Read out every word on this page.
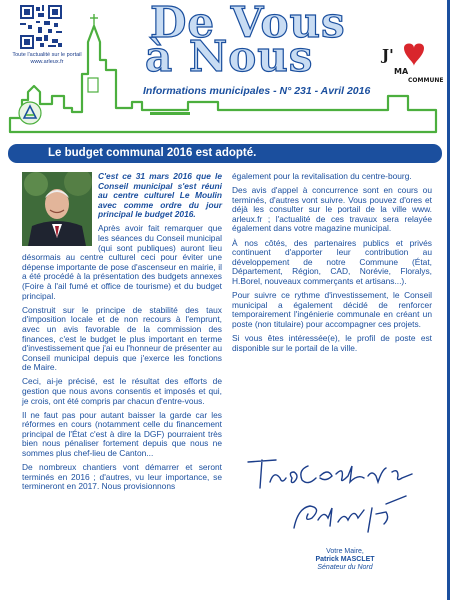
Toute l'actualité sur le portail www.arleux.fr
De Vous
à Nous	J'
MA
COMMUNE
Informations municipales - N° 231 - Avril 2016
Le budget communal 2016 est adopté.

C'est ce 31 mars 2016 que le Conseil municipal s'est réuni au centre culturel Le Moulin avec comme ordre du jour principal le budget 2016.

Après avoir fait remarquer que les séances du Conseil municipal (qui sont publiques) auront lieu désormais au centre culturel ceci pour éviter une dépense importante de pose d'ascenseur en mairie, il a été procédé à la présentation des budgets annexes (Foire à l'ail fumé et office de tourisme) et du budget principal.

Construit sur le principe de stabilité des taux d'imposition locale et de non recours à l'emprunt, avec un avis favorable de la commission des finances, c'est le budget le plus important en terme d'investissement que j'ai eu l'honneur de présenter au Conseil municipal depuis que j'exerce les fonctions de Maire.

Ceci, ai-je précisé, est le résultat des efforts de gestion que nous avons consentis et imposés et qui, je crois, ont été compris par chacun d'entre-vous.

Il ne faut pas pour autant baisser la garde car les réformes en cours (notamment celle du financement principal de l'État c'est à dire la DGF) pourraient très bien nous pénaliser fortement depuis que nous ne sommes plus chef-lieu de Canton...

De nombreux chantiers vont démarrer et seront terminés en 2016 ; d'autres, vu leur importance, se termineront en 2017. Nous provisionnons

également pour la revitalisation du centre-bourg.

Des avis d'appel à concurrence sont en cours ou terminés, d'autres vont suivre. Vous pouvez d'ores et déjà les consulter sur le portail de la ville www. arleux.fr ; l'actualité de ces travaux sera relayée également dans votre magazine municipal.

À nos côtés, des partenaires publics et privés continuent d'apporter leur contribution au développement de notre Commune (État, Département, Région, CAD, Norévie, Floralys, H.Borel, nouveaux commerçants et artisans...).

Pour suivre ce rythme d'investissement, le Conseil municipal a également décidé de renforcer temporairement l'ingénierie communale en créant un poste (non titulaire) pour accompagner ces projets.

Si vous êtes intéressée(e), le profil de poste est disponible sur le portail de la ville.

Votre Maire,
Patrick MASCLET
Sénateur du Nord
